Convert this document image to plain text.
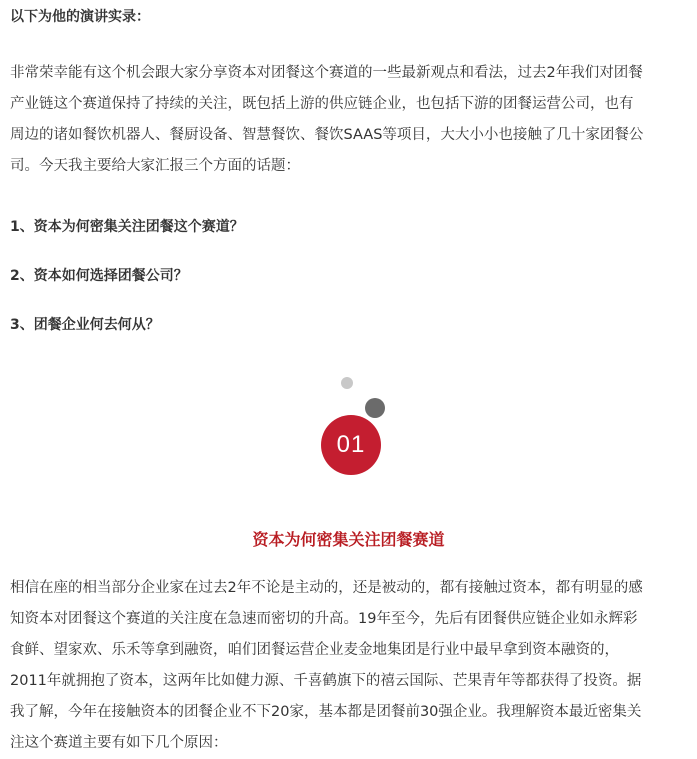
以下为他的演讲实录：

非常荣幸能有这个机会跟大家分享资本对团餐这个赛道的一些最新观点和看法，过去2年我们对团餐
产业链这个赛道保持了持续的关注，既包括上游的供应链企业，也包括下游的团餐运营公司，也有
周边的诸如餐饮机器人、餐厨设备、智慧餐饮、餐饮SAAS等项目，大大小小也接触了几十家团餐公
司。今天我主要给大家汇报三个方面的话题：

1、资本为何密集关注团餐这个赛道？
2、资本如何选择团餐公司？
3、团餐企业何去何从？
01
资本为何密集关注团餐赛道

相信在座的相当部分企业家在过去2年不论是主动的，还是被动的，都有接触过资本，都有明显的感
知资本对团餐这个赛道的关注度在急速而密切的升高。19年至今，先后有团餐供应链企业如永辉彩
食鲜、望家欢、乐禾等拿到融资，咱们团餐运营企业麦金地集团是行业中最早拿到资本融资的，
2011年就拥抱了资本，这两年比如健力源、千喜鹤旗下的禧云国际、芒果青年等都获得了投资。据
我了解，今年在接触资本的团餐企业不下20家，基本都是团餐前30强企业。我理解资本最近密集关
注这个赛道主要有如下几个原因：
